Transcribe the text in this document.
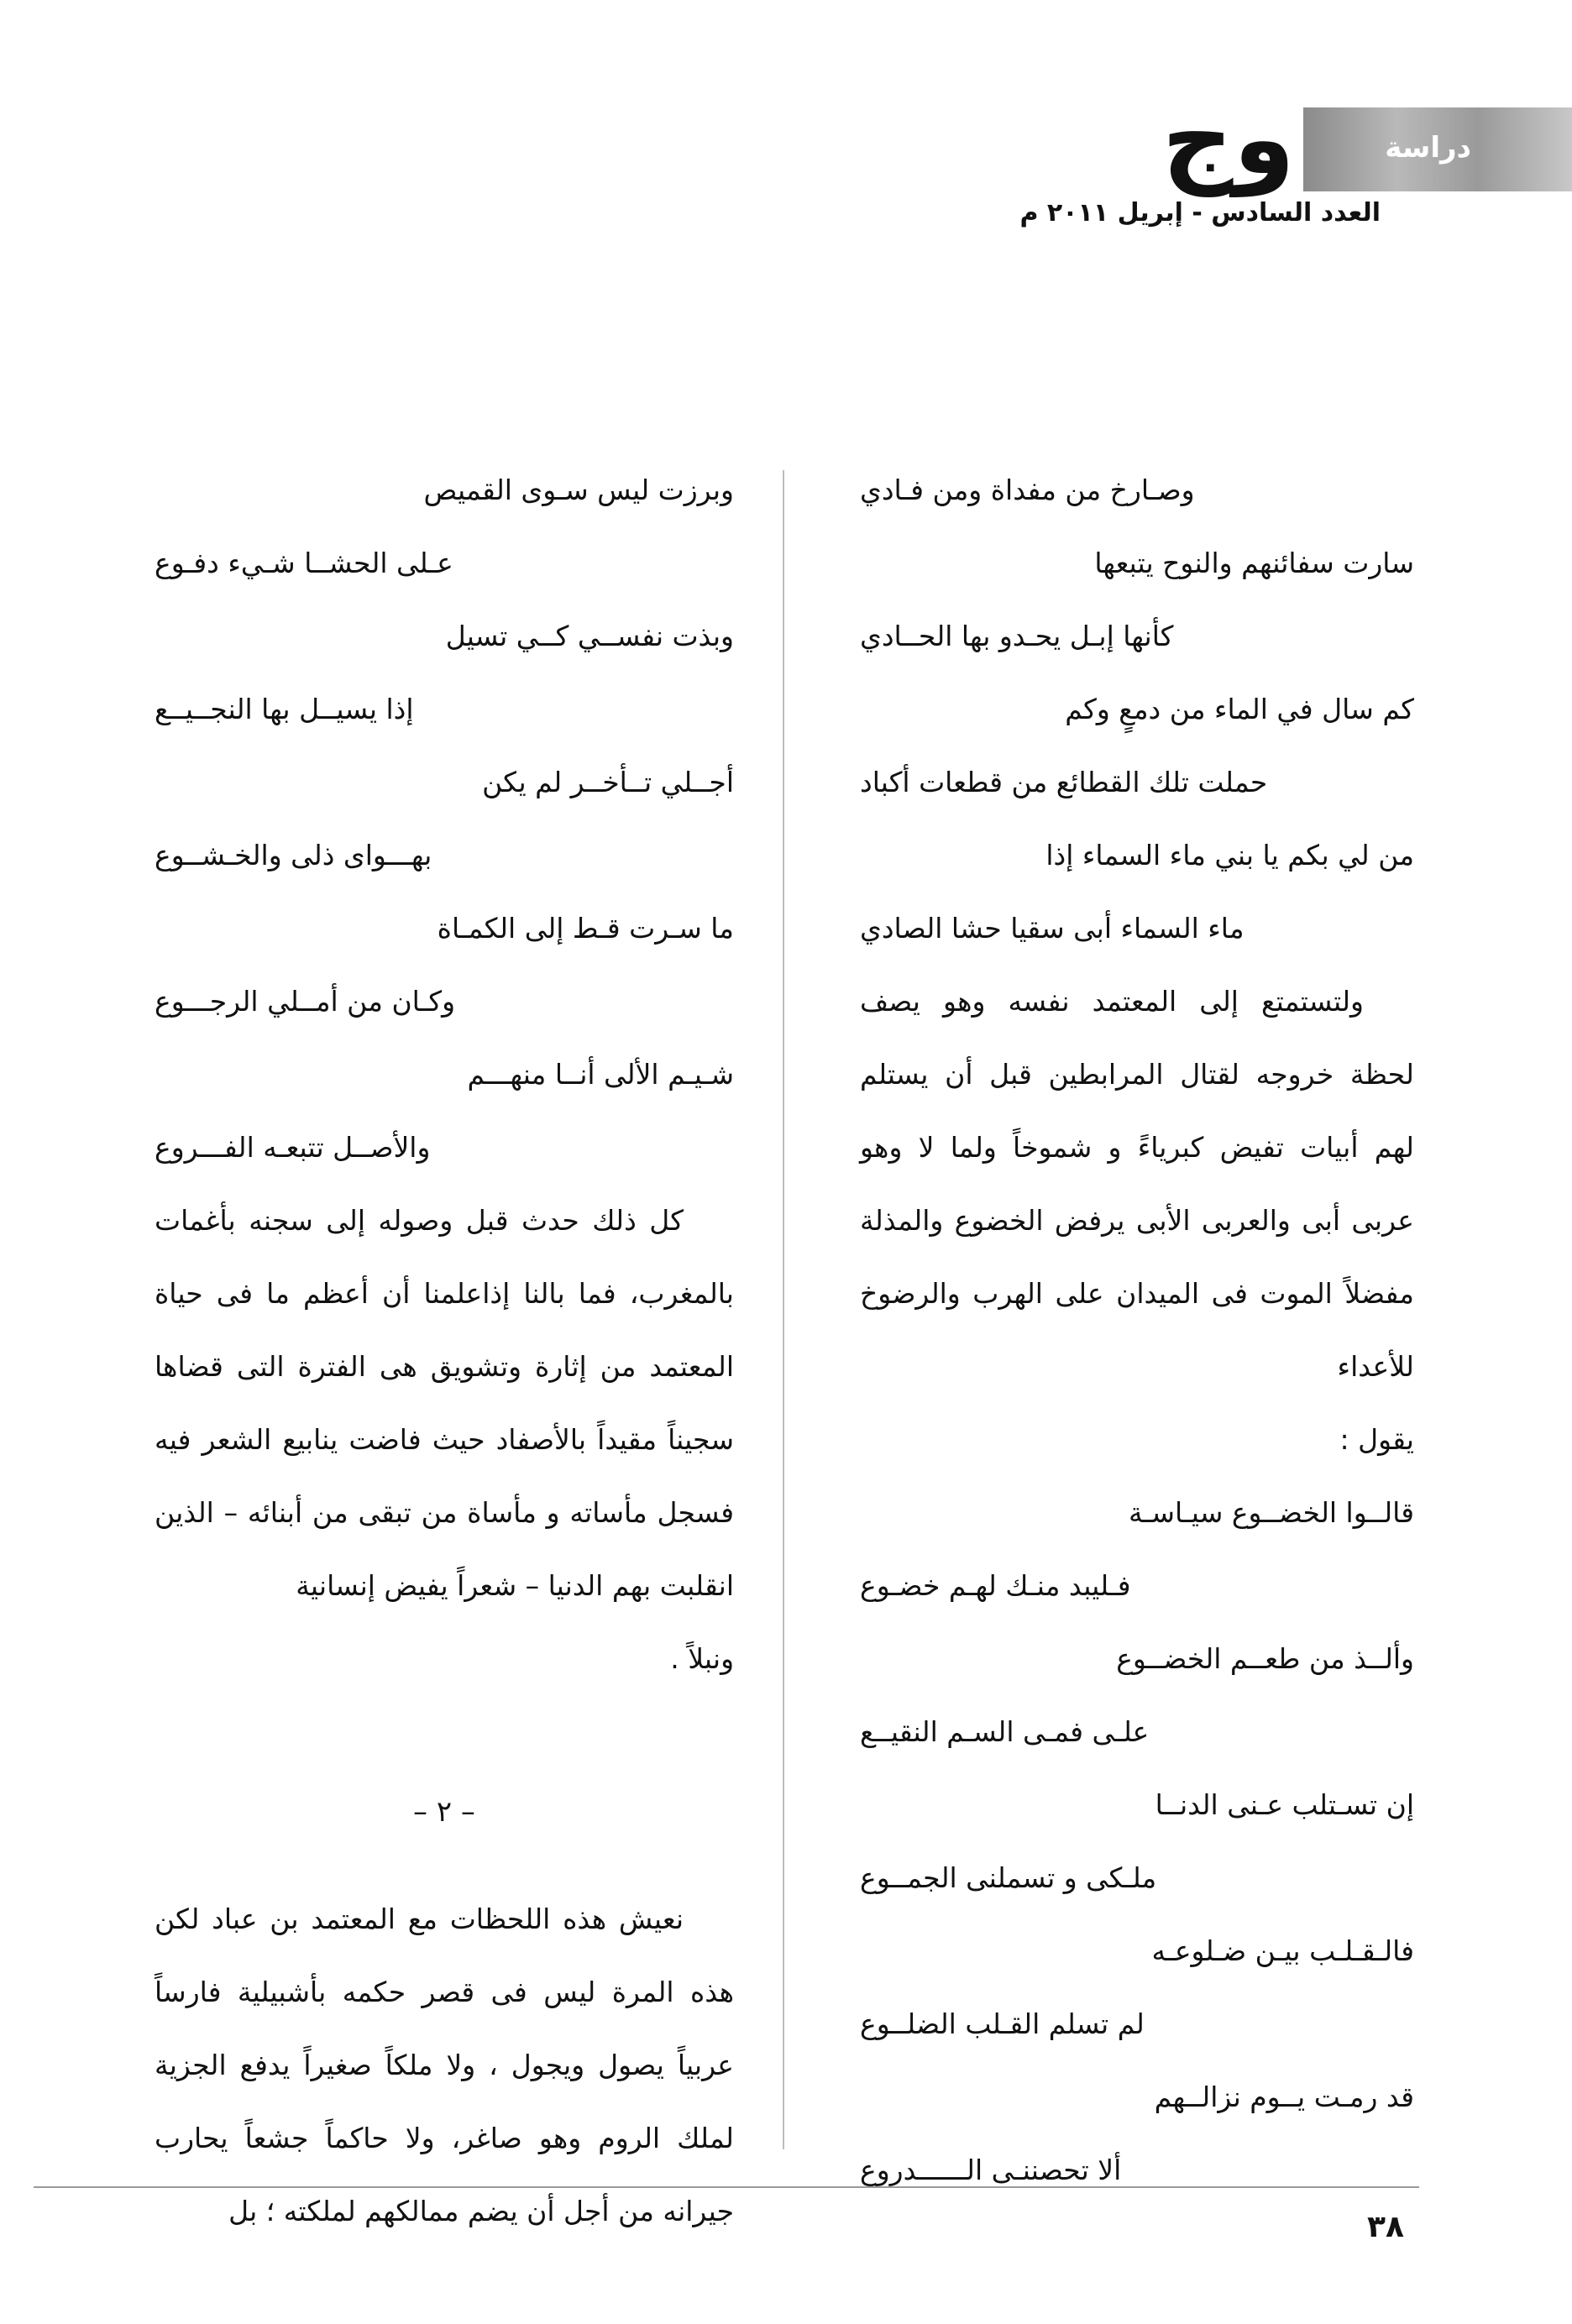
دراسة
وج
العدد السادس - إبريل ٢٠١١ م
وصـارخ من مفداة ومن فـادي
سارت سفائنهم والنوح يتبعها
كأنها إبـل يحـدو بها الحــادي
كم سال في الماء من دمعٍ وكم
حملت تلك القطائع من قطعات أكباد
من لي بكم يا بني ماء السماء إذا
ماء السماء أبى سقيا حشا الصادي

ولتستمتع إلى المعتمد نفسه وهو يصف لحظة خروجه لقتال المرابطين قبل أن يستلم لهم أبيات تفيض كبرياءً و شموخاً ولما لا وهو عربى أبى والعربى الأبى يرفض الخضوع والمذلة مفضلاً الموت فى الميدان على الهرب والرضوخ للأعداء

يقول :
قالــوا الخضــوع سيـاسـة
فـليبد منـك لهـم خضـوع
وألــذ من طعــم الخضــوع
علـى فمـى السـم النقيــع
إن تسـتلب عـنى الدنــا
ملـكى و تسملنى الجمــوع
فالـقـلـب بيـن ضـلوعـه
لم تسلم القـلب الضلــوع
قد رمـت يــوم نزالــهم
ألا تحصننـى الــــــدروع
وبرزت ليس سـوى القميص
عـلى الحشــا شـيء دفـوع
وبذت نفســي كــي تسيل
إذا يسيــل بها النجــيــع
أجــلي تــأخــر لم يكن
بهـــواى ذلى والخـشــوع
ما سـرت قـط إلى الكمـاة
وكـان من أمــلي الرجـــوع
شـيـم الألى أنــا منهـــم
والأصــل تتبعـه الفـــروع

كل ذلك حدث قبل وصوله إلى سجنه بأغمات بالمغرب، فما بالنا إذاعلمنا أن أعظم ما فى حياة المعتمد من إثارة وتشويق هى الفترة التى قضاها سجيناً مقيداً بالأصفاد حيث فاضت ينابيع الشعر فيه فسجل مأساته و مأساة من تبقى من أبنائه – الذين انقلبت بهم الدنيا – شعراً يفيض إنسانية

ونبلاً .
– ٢ –

نعيش هذه اللحظات مع المعتمد بن عباد لكن هذه المرة ليس فى قصر حكمه بأشبيلية فارساً عربياً يصول ويجول ، ولا ملكاً صغيراً يدفع الجزية لملك الروم وهو صاغر، ولا حاكماً جشعاً يحارب جيرانه من أجل أن يضم ممالكهم لملكته ؛ بل	٣٨
